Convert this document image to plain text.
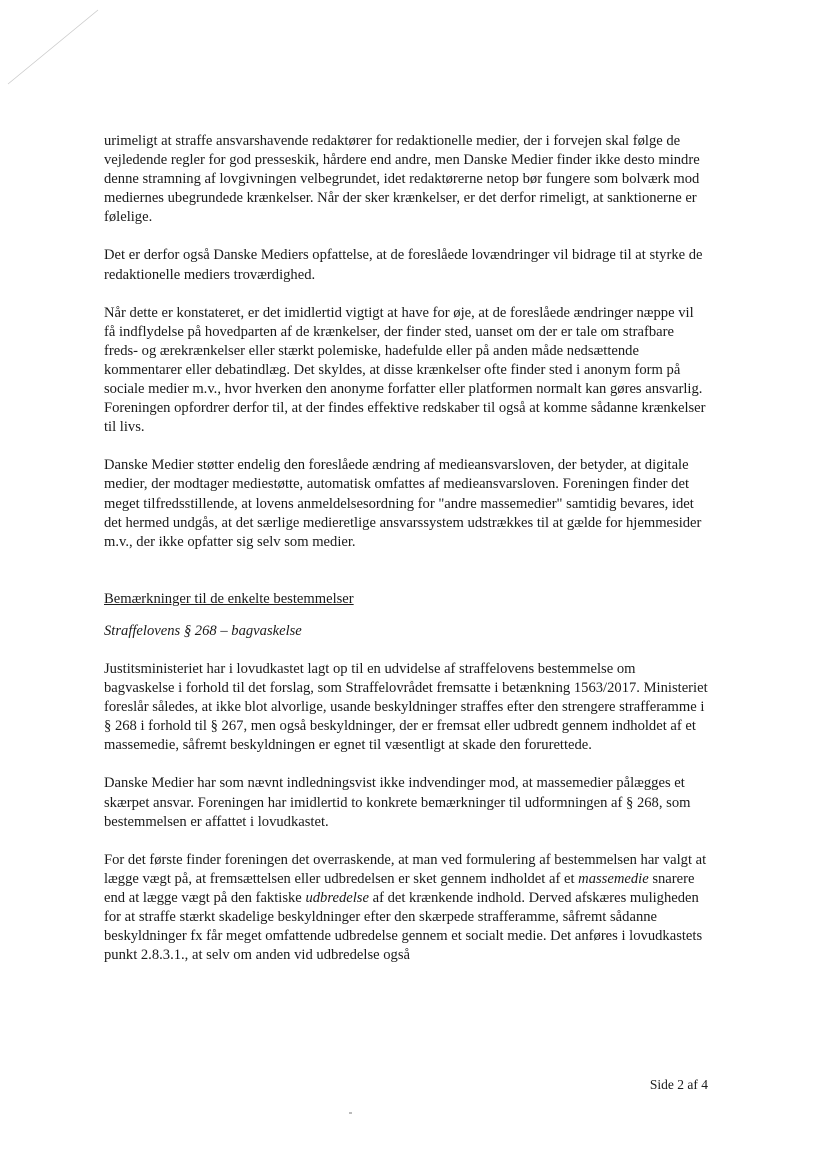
urimeligt at straffe ansvarshavende redaktører for redaktionelle medier, der i forvejen skal følge de vejledende regler for god presseskik, hårdere end andre, men Danske Medier finder ikke desto mindre denne stramning af lovgivningen velbegrundet, idet redaktørerne netop bør fungere som bolværk mod mediernes ubegrundede krænkelser. Når der sker krænkelser, er det derfor rimeligt, at sanktionerne er følelige.

Det er derfor også Danske Mediers opfattelse, at de foreslåede lovændringer vil bidrage til at styrke de redaktionelle mediers troværdighed.

Når dette er konstateret, er det imidlertid vigtigt at have for øje, at de foreslåede ændringer næppe vil få indflydelse på hovedparten af de krænkelser, der finder sted, uanset om der er tale om strafbare freds- og ærekrænkelser eller stærkt polemiske, hadefulde eller på anden måde nedsættende kommentarer eller debatindlæg. Det skyldes, at disse krænkelser ofte finder sted i anonym form på sociale medier m.v., hvor hverken den anonyme forfatter eller platformen normalt kan gøres ansvarlig. Foreningen opfordrer derfor til, at der findes effektive redskaber til også at komme sådanne krænkelser til livs.

Danske Medier støtter endelig den foreslåede ændring af medieansvarsloven, der betyder, at digitale medier, der modtager mediestøtte, automatisk omfattes af medieansvarsloven. Foreningen finder det meget tilfredsstillende, at lovens anmeldelsesordning for "andre massemedier" samtidig bevares, idet det hermed undgås, at det særlige medieretlige ansvarssystem udstrækkes til at gælde for hjemmesider m.v., der ikke opfatter sig selv som medier.

Bemærkninger til de enkelte bestemmelser

Straffelovens § 268 – bagvaskelse

Justitsministeriet har i lovudkastet lagt op til en udvidelse af straffelovens bestemmelse om bagvaskelse i forhold til det forslag, som Straffelovrådet fremsatte i betænkning 1563/2017. Ministeriet foreslår således, at ikke blot alvorlige, usande beskyldninger straffes efter den strengere strafferamme i § 268 i forhold til § 267, men også beskyldninger, der er fremsat eller udbredt gennem indholdet af et massemedie, såfremt beskyldningen er egnet til væsentligt at skade den forurettede.

Danske Medier har som nævnt indledningsvist ikke indvendinger mod, at massemedier pålægges et skærpet ansvar. Foreningen har imidlertid to konkrete bemærkninger til udformningen af § 268, som bestemmelsen er affattet i lovudkastet.

For det første finder foreningen det overraskende, at man ved formulering af bestemmelsen har valgt at lægge vægt på, at fremsættelsen eller udbredelsen er sket gennem indholdet af et massemedie snarere end at lægge vægt på den faktiske udbredelse af det krænkende indhold. Derved afskæres muligheden for at straffe stærkt skadelige beskyldninger efter den skærpede strafferamme, såfremt sådanne beskyldninger fx får meget omfattende udbredelse gennem et socialt medie. Det anføres i lovudkastets punkt 2.8.3.1., at selv om anden vid udbredelse også

Side 2 af 4
